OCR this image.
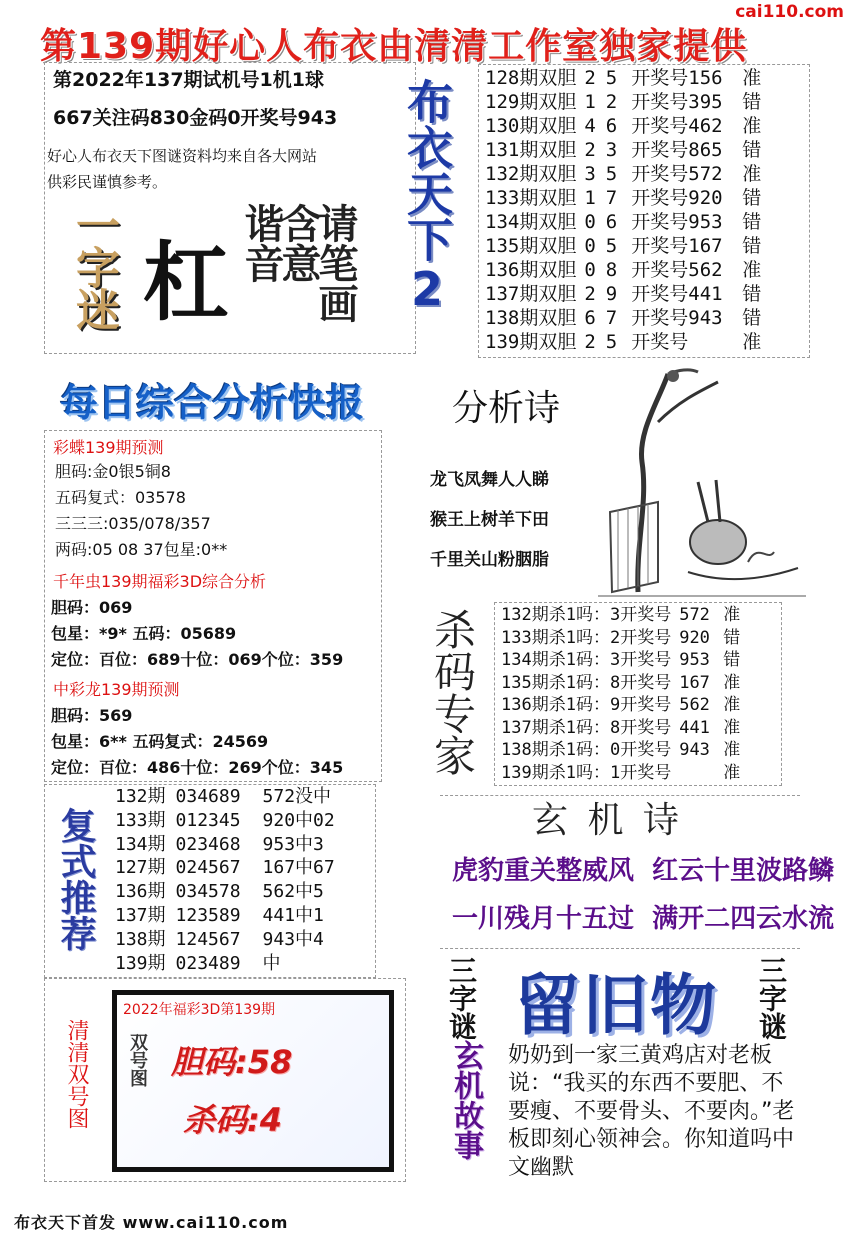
cai110.com
第139期好心人布衣由清清工作室独家提供
第2022年137期试机号1机1球
667关注码830金码0开奖号943
好心人布衣天下图谜资料均来自各大网站
供彩民谨慎参考。
一字迷 杠 请笔画
含意
谐音	布衣天下2 128期双胆 2 5 开奖号156 准
129期双胆 1 2 开奖号395 错
130期双胆 4 6 开奖号462 准
131期双胆 2 3 开奖号865 错
132期双胆 3 5 开奖号572 准
133期双胆 1 7 开奖号920 错
134期双胆 0 6 开奖号953 错
135期双胆 0 5 开奖号167 错
136期双胆 0 8 开奖号562 准
137期双胆 2 9 开奖号441 错
138期双胆 6 7 开奖号943 错
139期双胆 2 5 开奖号	准
每日综合分析快报
彩蝶139期预测
胆码:金0银5铜8
五码复式：03578
三三三:035/078/357
两码:05 08 37包星:0**
千年虫139期福彩3D综合分析
胆码：069
包星：*9* 五码：05689
定位：百位：689十位：069个位：359
中彩龙139期预测
胆码：569
包星：6** 五码复式：24569
定位：百位：486十位：269个位：345
分析诗
龙飞凤舞人人睇
猴王上树羊下田
千里关山粉胭脂
杀码专家 132期杀1吗：3开奖号 572 准
133期杀1吗：2开奖号 920 错
134期杀1码：3开奖号 953 错
135期杀1码：8开奖号 167 准
136期杀1码：9开奖号 562 准
137期杀1码：8开奖号 441 准
138期杀1码：0开奖号 943 准
139期杀1吗：1开奖号	准
复式推荐
132期 034689 572没中
133期 012345 920中02
134期 023468 953中3
127期 024567 167中67
136期 034578 562中5
137期 123589 441中1
138期 124567 943中4
139期 023489 中
玄 机 诗
虎豹重关整威风  红云十里波路鳞
一川残月十五过  满开二四云水流
清清双号图
2022年福彩3D第139期
双号图 胆码:58
杀码:4
三字谜 留旧物 三字谜
玄机故事 奶奶到一家三黄鸡店对老板说：“我买的东西不要肥、不要瘦、不要骨头、不要肉。”老板即刻心领神会。你知道吗中文幽默
布衣天下首发 www.cai110.com
